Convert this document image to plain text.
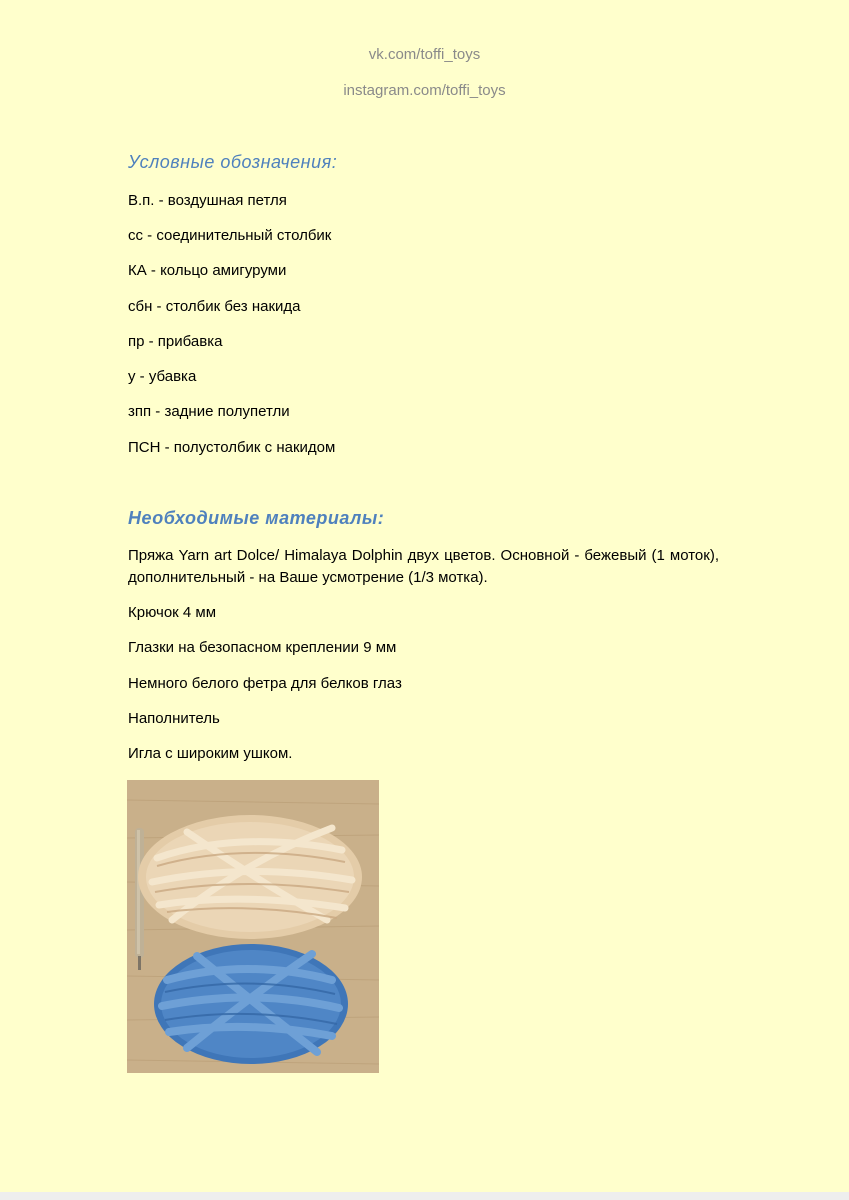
vk.com/toffi_toys
instagram.com/toffi_toys
Условные обозначения:
В.п. - воздушная петля
сс - соединительный столбик
КА - кольцо амигуруми
сбн - столбик без накида
пр - прибавка
у - убавка
зпп - задние полупетли
ПСН - полустолбик с накидом
Необходимые материалы:
Пряжа Yarn art Dolce/ Himalaya Dolphin двух цветов. Основной - бежевый (1 моток), дополнительный - на Ваше усмотрение (1/3 мотка).
Крючок 4 мм
Глазки на безопасном креплении 9 мм
Немного белого фетра для белков глаз
Наполнитель
Игла с широким ушком.
